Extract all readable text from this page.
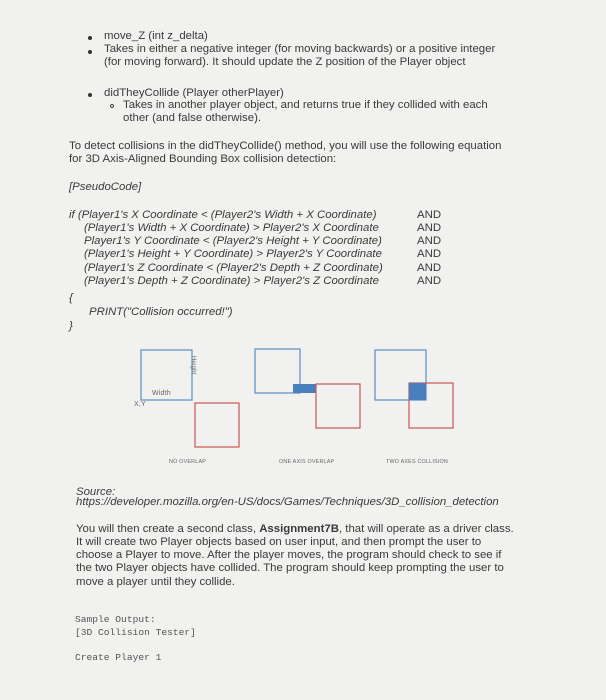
move_Z (int z_delta)
Takes in either a negative integer (for moving backwards) or a positive integer
(for moving forward). It should update the Z position of the Player object
didTheyCollide (Player otherPlayer)
Takes in another player object, and returns true if they collided with each
other (and false otherwise).
To detect collisions in the didTheyCollide() method, you will use the following equation
for 3D Axis-Aligned Bounding Box collision detection:
[PseudoCode]
if (Player1's X Coordinate < (Player2's Width + X Coordinate)
(Player1's Width + X Coordinate) > Player2's X Coordinate
Player1's Y Coordinate < (Player2's Height + Y Coordinate)
(Player1's Height + Y Coordinate) > Player2's Y Coordinate
(Player1's Z Coordinate < (Player2's Depth + Z Coordinate)
(Player1's Depth + Z Coordinate) > Player2's Z Coordinate
AND
AND
AND
AND
AND
AND
{
PRINT("Collision occurred!")
}
Width
X,Y
Height
NO OVERLAP	ONE AXIS OVERLAP	TWO AXES COLLISION
Source:
https://developer.mozilla.org/en-US/docs/Games/Techniques/3D_collision_detection
You will then create a second class, Assignment7B, that will operate as a driver class.
It will create two Player objects based on user input, and then prompt the user to
choose a Player to move. After the player moves, the program should check to see if
the two Player objects have collided. The program should keep prompting the user to
move a player until they collide.
Sample Output:
[3D Collision Tester]
Create Player 1
